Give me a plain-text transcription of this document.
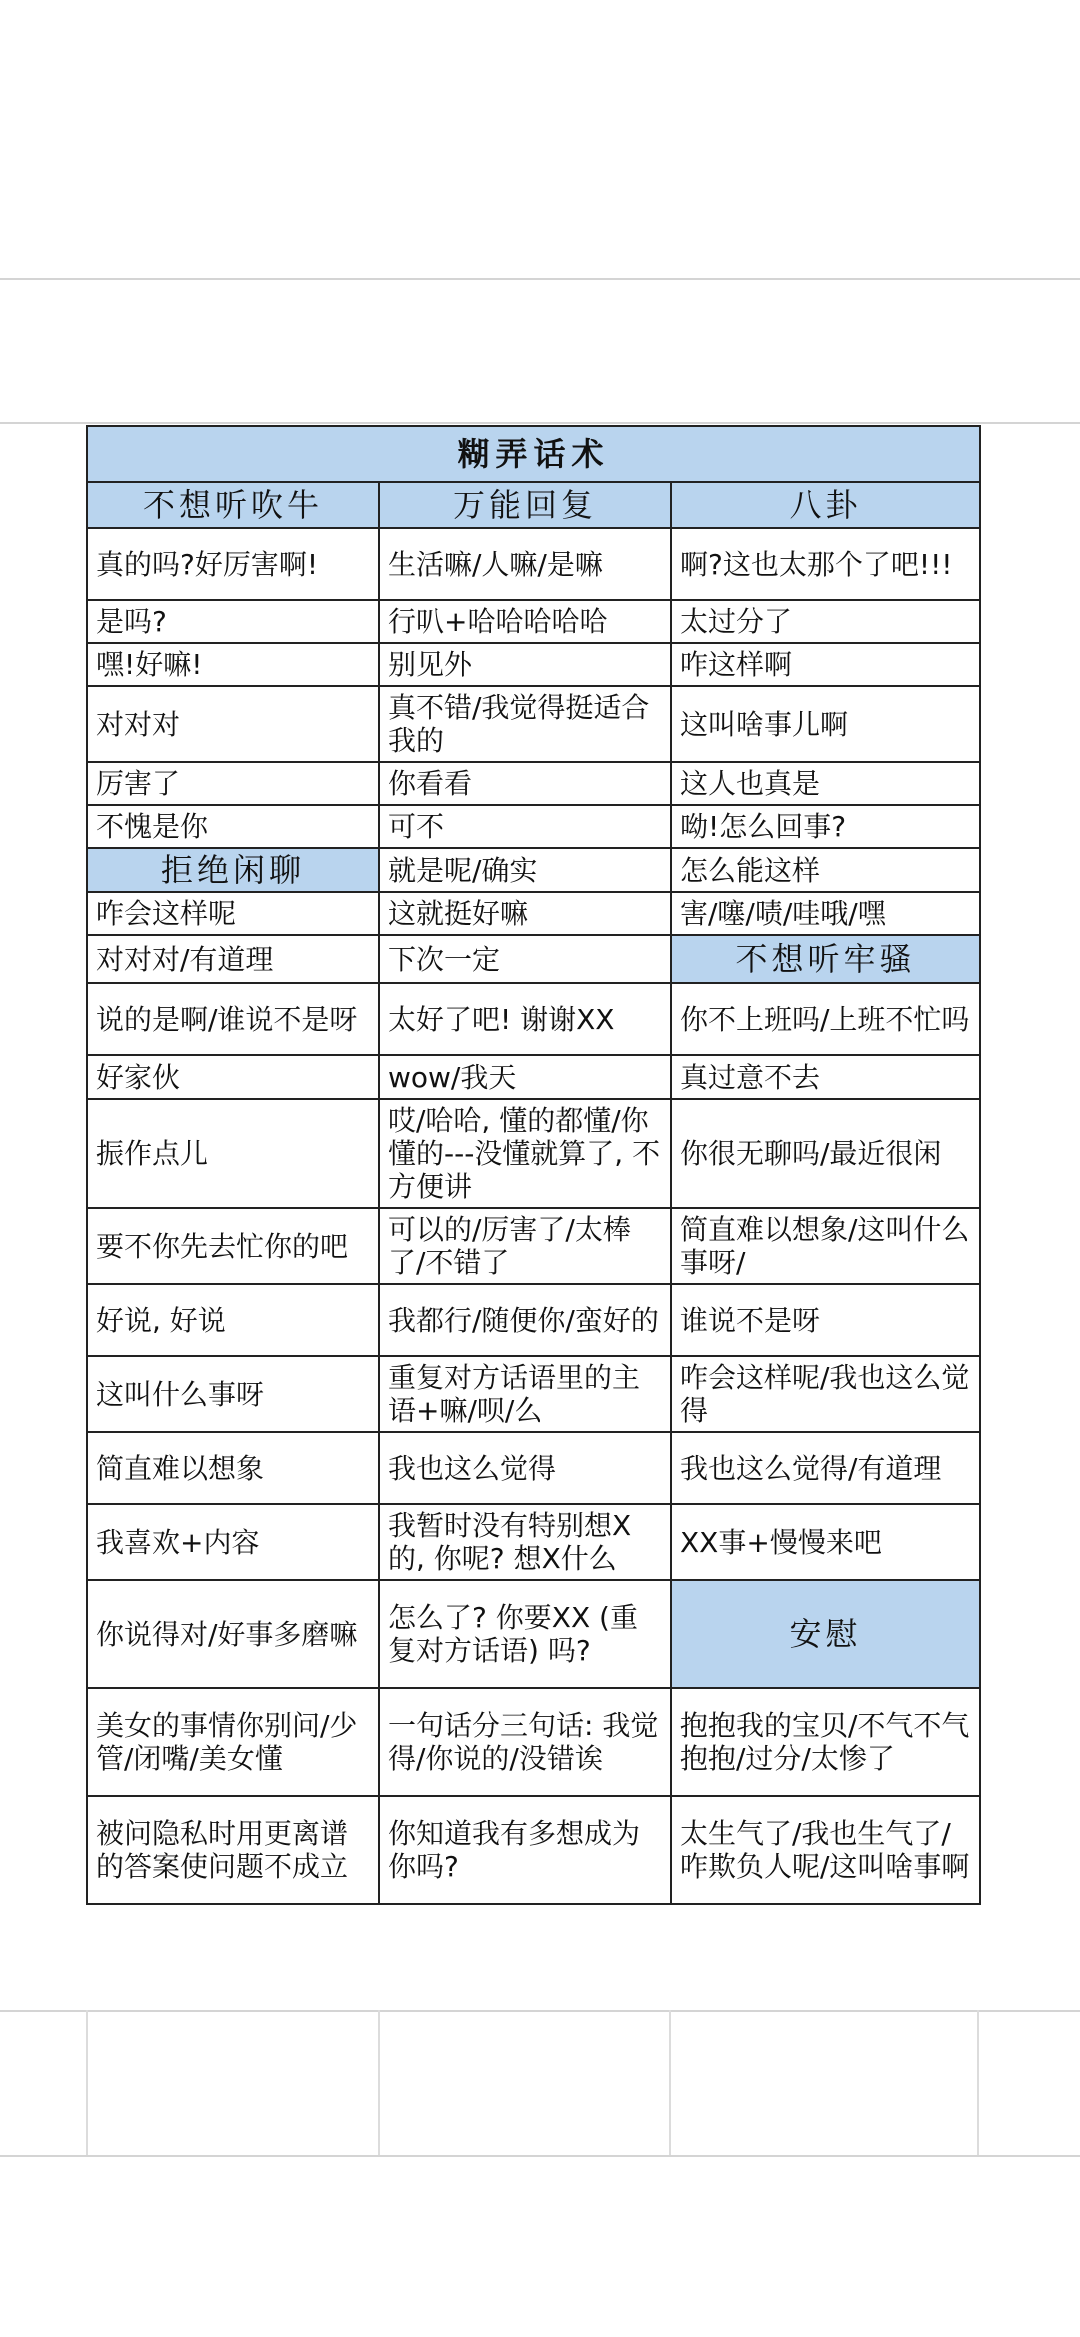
糊弄话术		
不想听吹牛	万能回复	八卦
真的吗?好厉害啊!	生活嘛/人嘛/是嘛	啊?这也太那个了吧!!!
是吗?	行叭+哈哈哈哈哈	太过分了
嘿!好嘛!	别见外	咋这样啊
对对对	真不错/我觉得挺适合我的	这叫啥事儿啊
厉害了	你看看	这人也真是
不愧是你	可不	呦!怎么回事?
拒绝闲聊	就是呢/确实	怎么能这样
咋会这样呢	这就挺好嘛	害/噻/啧/哇哦/嘿
对对对/有道理	下次一定	不想听牢骚
说的是啊/谁说不是呀	太好了吧! 谢谢XX	你不上班吗/上班不忙吗
好家伙	wow/我天	真过意不去
振作点儿	哎/哈哈, 懂的都懂/你懂的---没懂就算了, 不方便讲	你很无聊吗/最近很闲
要不你先去忙你的吧	可以的/厉害了/太棒了/不错了	简直难以想象/这叫什么事呀/
好说, 好说	我都行/随便你/蛮好的	谁说不是呀
这叫什么事呀	重复对方话语里的主语+嘛/呗/么	咋会这样呢/我也这么觉得
简直难以想象	我也这么觉得	我也这么觉得/有道理
我喜欢+内容	我暂时没有特别想X的, 你呢? 想X什么	XX事+慢慢来吧
你说得对/好事多磨嘛	怎么了? 你要XX (重复对方话语) 吗?	安慰
美女的事情你别问/少管/闭嘴/美女懂	一句话分三句话: 我觉得/你说的/没错诶	抱抱我的宝贝/不气不气抱抱/过分/太惨了
被问隐私时用更离谱的答案使问题不成立	你知道我有多想成为你吗?	太生气了/我也生气了/咋欺负人呢/这叫啥事啊
